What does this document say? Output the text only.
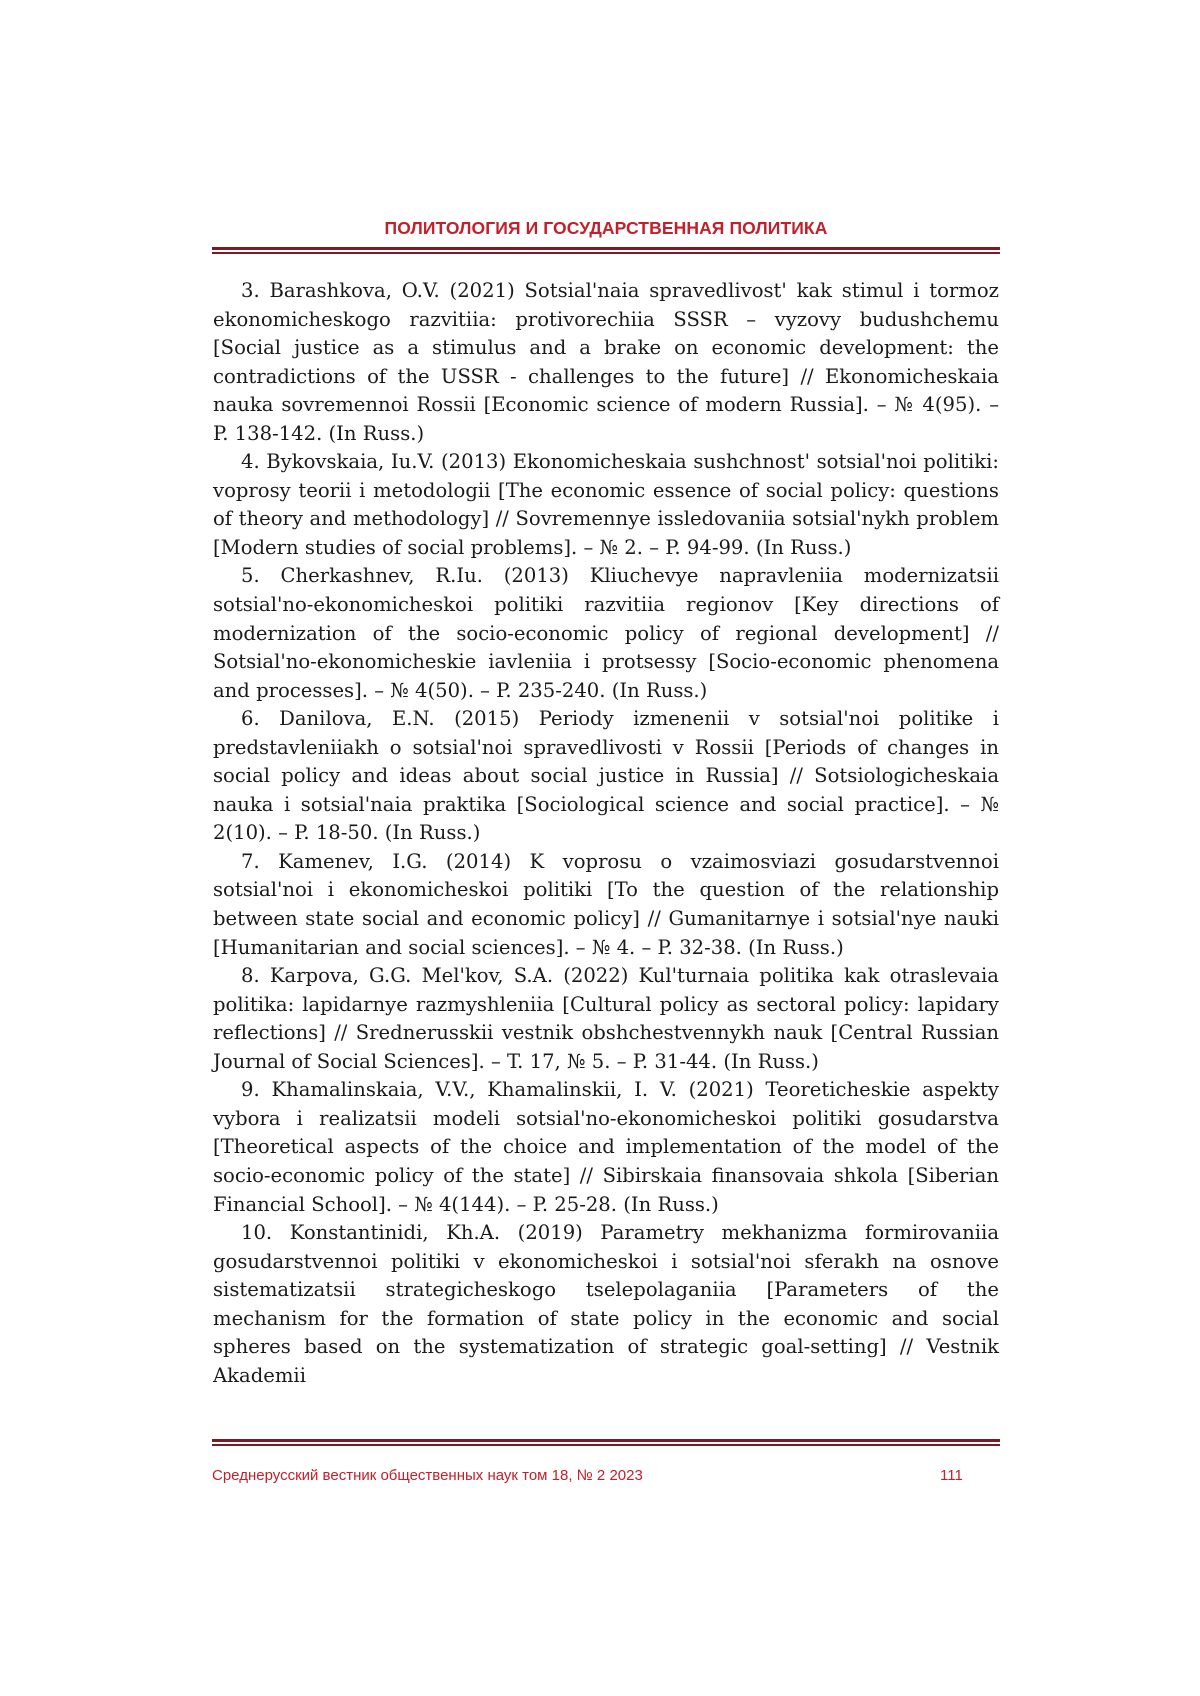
ПОЛИТОЛОГИЯ И ГОСУДАРСТВЕННАЯ ПОЛИТИКА

3. Barashkova, O.V. (2021) Sotsial'naia spravedlivost' kak stimul i tormoz ekonomicheskogo razvitiia: protivorechiia SSSR – vyzovy budushchemu [Social justice as a stimulus and a brake on economic development: the contradictions of the USSR - challenges to the future] // Ekonomicheskaia nauka sovremennoi Rossii [Economic science of modern Russia]. – № 4(95). – P. 138-142. (In Russ.)

4. Bykovskaia, Iu.V. (2013) Ekonomicheskaia sushchnost' sotsial'noi politiki: voprosy teorii i metodologii [The economic essence of social policy: questions of theory and methodology] // Sovremennye issledovaniia sotsial'nykh problem [Modern studies of social problems]. – № 2. – P. 94-99. (In Russ.)

5. Cherkashnev, R.Iu. (2013) Kliuchevye napravleniia modernizatsii sotsial'no-ekonomicheskoi politiki razvitiia regionov [Key directions of modernization of the socio-economic policy of regional development] // Sotsial'no-ekonomicheskie iavleniia i protsessy [Socio-economic phenomena and processes]. – № 4(50). – P. 235-240. (In Russ.)

6. Danilova, E.N. (2015) Periody izmenenii v sotsial'noi politike i predstavleniiakh o sotsial'noi spravedlivosti v Rossii [Periods of changes in social policy and ideas about social justice in Russia] // Sotsiologicheskaia nauka i sotsial'naia praktika [Sociological science and social practice]. – № 2(10). – P. 18-50. (In Russ.)

7. Kamenev, I.G. (2014) K voprosu o vzaimosviazi gosudarstvennoi sotsial'noi i ekonomicheskoi politiki [To the question of the relationship between state social and economic policy] // Gumanitarnye i sotsial'nye nauki [Humanitarian and social sciences]. – № 4. – P. 32-38. (In Russ.)

8. Karpova, G.G. Mel'kov, S.A. (2022) Kul'turnaia politika kak otraslevaia politika: lapidarnye razmyshleniia [Cultural policy as sectoral policy: lapidary reflections] // Srednerusskii vestnik obshchestvennykh nauk [Central Russian Journal of Social Sciences]. – T. 17, № 5. – P. 31-44. (In Russ.)

9. Khamalinskaia, V.V., Khamalinskii, I. V. (2021) Teoreticheskie aspekty vybora i realizatsii modeli sotsial'no-ekonomicheskoi politiki gosudarstva [Theoretical aspects of the choice and implementation of the model of the socio-economic policy of the state] // Sibirskaia finansovaia shkola [Siberian Financial School]. – № 4(144). – P. 25-28. (In Russ.)

10. Konstantinidi, Kh.A. (2019) Parametry mekhanizma formirovaniia gosudarstvennoi politiki v ekonomicheskoi i sotsial'noi sferakh na osnove sistematizatsii strategicheskogo tselepolaganiia [Parameters of the mechanism for the formation of state policy in the economic and social spheres based on the systematization of strategic goal-setting] // Vestnik Akademii

Среднерусский вестник общественных наук том 18, № 2 2023	111
